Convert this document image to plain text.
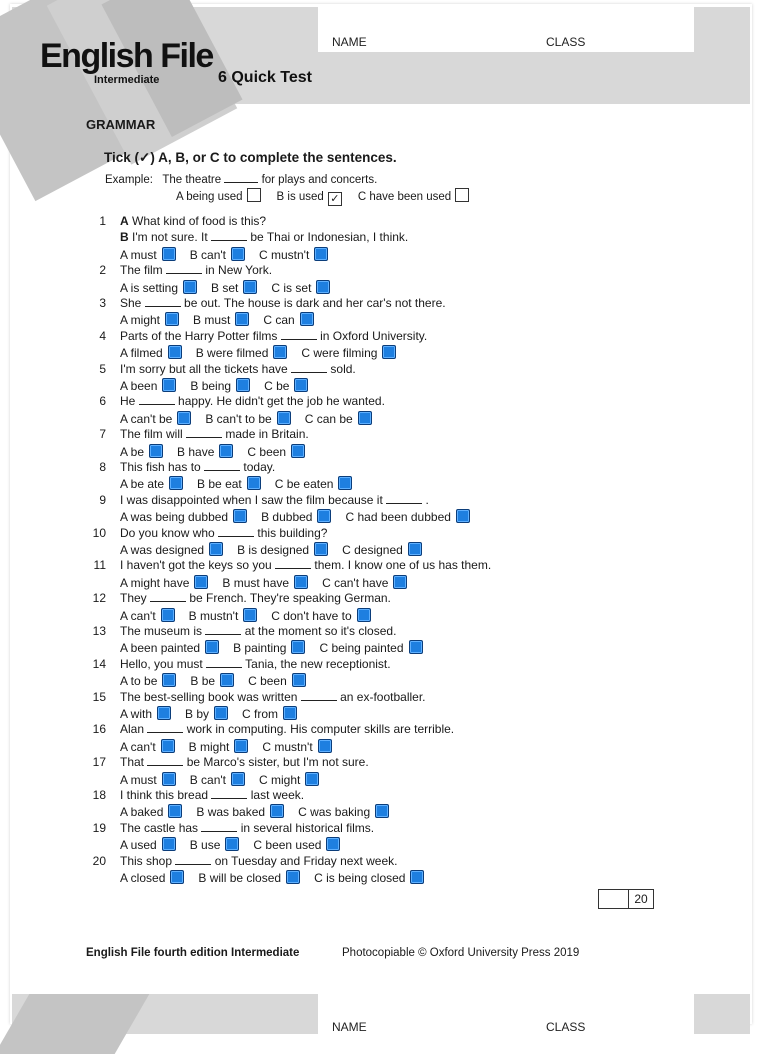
NAME	CLASS
English File
Intermediate	6 Quick Test
GRAMMAR
Tick (✓) A, B, or C to complete the sentences.
Example: The theatre	for plays and concerts.
A being used	B is used ✓ C have been used
1 A What kind of food is this?
B I'm not sure. It	be Thai or Indonesian, I think.
A must	B can't	C mustn't
2 The film	in New York.
A is setting	B set	C is set
3 She	be out. The house is dark and her car's not there.
A might	B must	C can
4 Parts of the Harry Potter films	in Oxford University.
A filmed	B were filmed	C were filming
5 I'm sorry but all the tickets have	sold.
A been	B being	C be
6 He	happy. He didn't get the job he wanted.
A can't be	B can't to be	C can be
7 The film will	made in Britain.
A be	B have	C been
8 This fish has to	today.
A be ate	B be eat	C be eaten
9 I was disappointed when I saw the film because it	.
A was being dubbed	B dubbed	C had been dubbed
10 Do you know who	this building?
A was designed	B is designed	C designed
11 I haven't got the keys so you	them. I know one of us has them.
A might have	B must have	C can't have
12 They	be French. They're speaking German.
A can't	B mustn't	C don't have to
13 The museum is	at the moment so it's closed.
A been painted	B painting	C being painted
14 Hello, you must	Tania, the new receptionist.
A to be	B be	C been
15 The best-selling book was written	an ex-footballer.
A with	B by	C from
16 Alan	work in computing. His computer skills are terrible.
A can't	B might	C mustn't
17 That	be Marco's sister, but I'm not sure.
A must	B can't	C might
18 I think this bread	last week.
A baked	B was baked	C was baking
19 The castle has	in several historical films.
A used	B use	C been used
20 This shop	on Tuesday and Friday next week.
A closed	B will be closed	C is being closed
20
English File fourth edition Intermediate	Photocopiable © Oxford University Press 2019
NAME	CLASS
